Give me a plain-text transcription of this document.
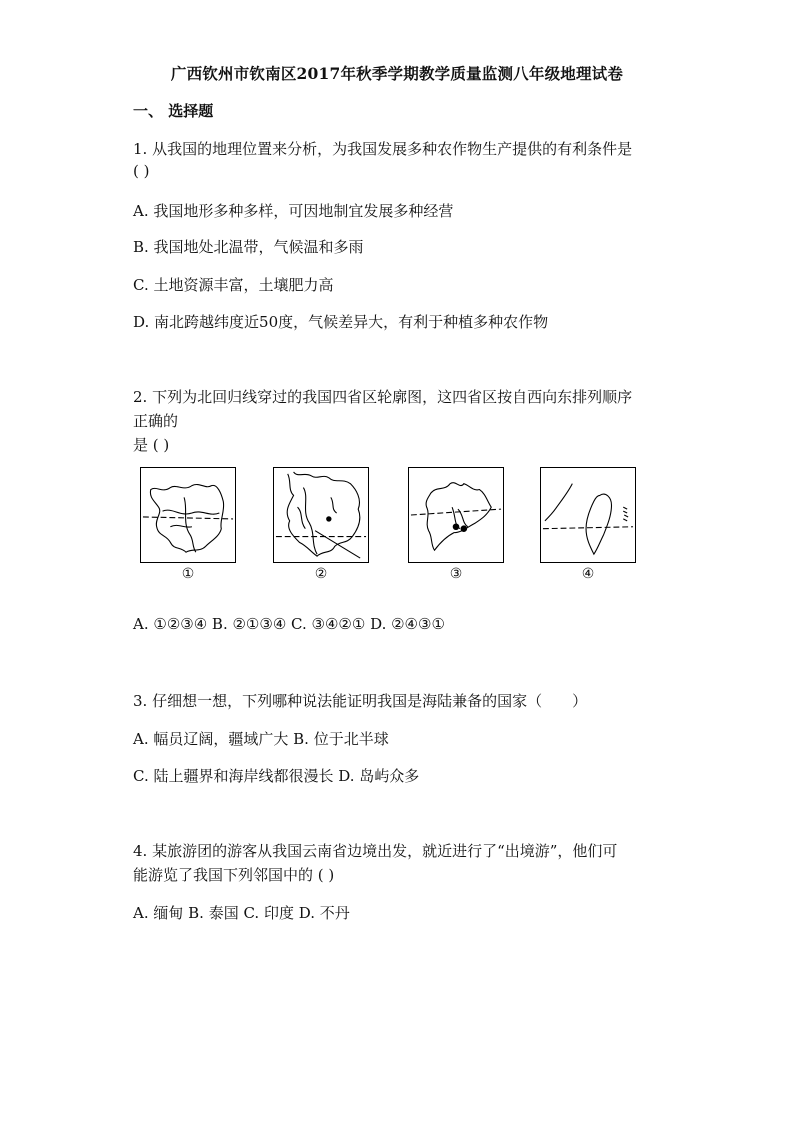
广西钦州市钦南区2017年秋季学期教学质量监测八年级地理试卷
一、 选择题
1. 从我国的地理位置来分析，为我国发展多种农作物生产提供的有利条件是
( )
A. 我国地形多种多样，可因地制宜发展多种经营
B. 我国地处北温带，气候温和多雨
C. 土地资源丰富，土壤肥力高
D. 南北跨越纬度近50度，气候差异大，有利于种植多种农作物
2. 下列为北回归线穿过的我国四省区轮廓图，这四省区按自西向东排列顺序
正确的
是 ( )
①	②	③	④
A. ①②③④ B. ②①③④ C. ③④②① D. ②④③①
3. 仔细想一想，下列哪种说法能证明我国是海陆兼备的国家（　　）
A. 幅员辽阔，疆域广大 B. 位于北半球
C. 陆上疆界和海岸线都很漫长 D. 岛屿众多
4. 某旅游团的游客从我国云南省边境出发，就近进行了“出境游”，他们可
能游览了我国下列邻国中的 ( )
A. 缅甸 B. 泰国 C. 印度 D. 不丹
